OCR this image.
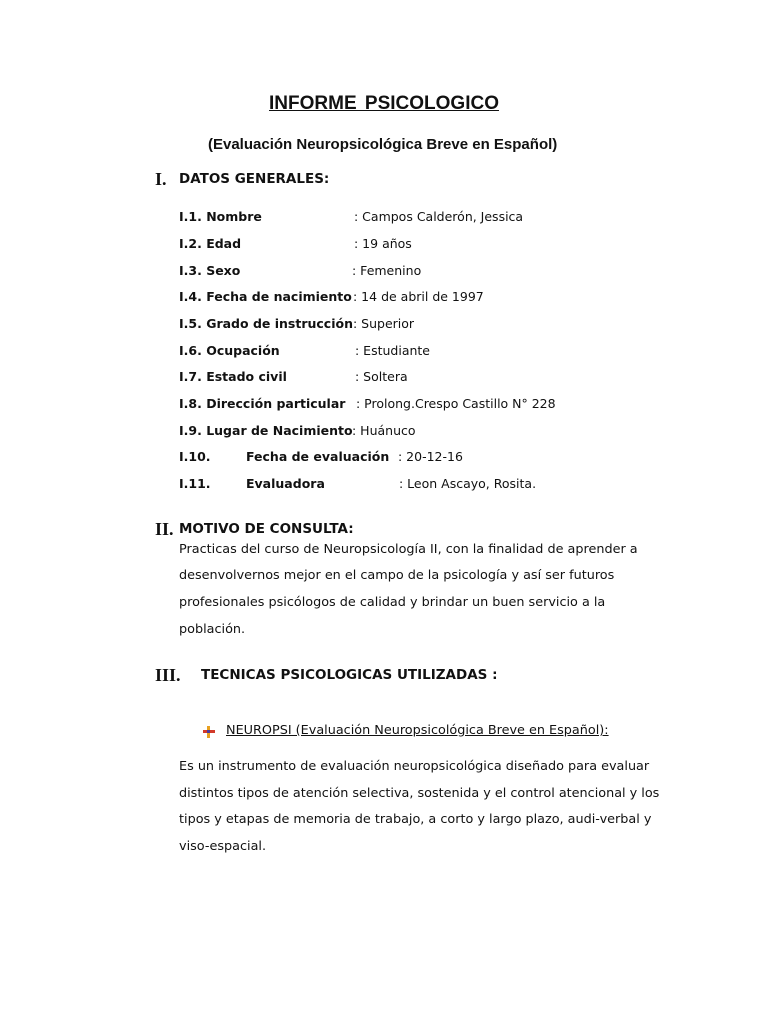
INFORME PSICOLOGICO
(Evaluación Neuropsicológica Breve en Español)
I. DATOS GENERALES:
I.1. Nombre	: Campos Calderón, Jessica
I.2. Edad	: 19 años
I.3. Sexo	: Femenino
I.4. Fecha de nacimiento : 14 de abril de 1997
I.5. Grado de instrucción : Superior
I.6. Ocupación	: Estudiante
I.7. Estado civil	: Soltera
I.8. Dirección particular : Prolong.Crespo Castillo N° 228
I.9. Lugar de Nacimiento : Huánuco
I.10.	Fecha de evaluación : 20-12-16
I.11.	Evaluadora	: Leon Ascayo, Rosita.
II. MOTIVO DE CONSULTA:
Practicas del curso de Neuropsicología II, con la finalidad de aprender a
desenvolvernos mejor en el campo de la psicología y así ser futuros
profesionales psicólogos de calidad y brindar un buen servicio a la
población.
III. TECNICAS PSICOLOGICAS UTILIZADAS :
NEUROPSI (Evaluación Neuropsicológica Breve en Español):
Es un instrumento de evaluación neuropsicológica diseñado para evaluar
distintos tipos de atención selectiva, sostenida y el control atencional y los
tipos y etapas de memoria de trabajo, a corto y largo plazo, audi-verbal y
viso-espacial.
